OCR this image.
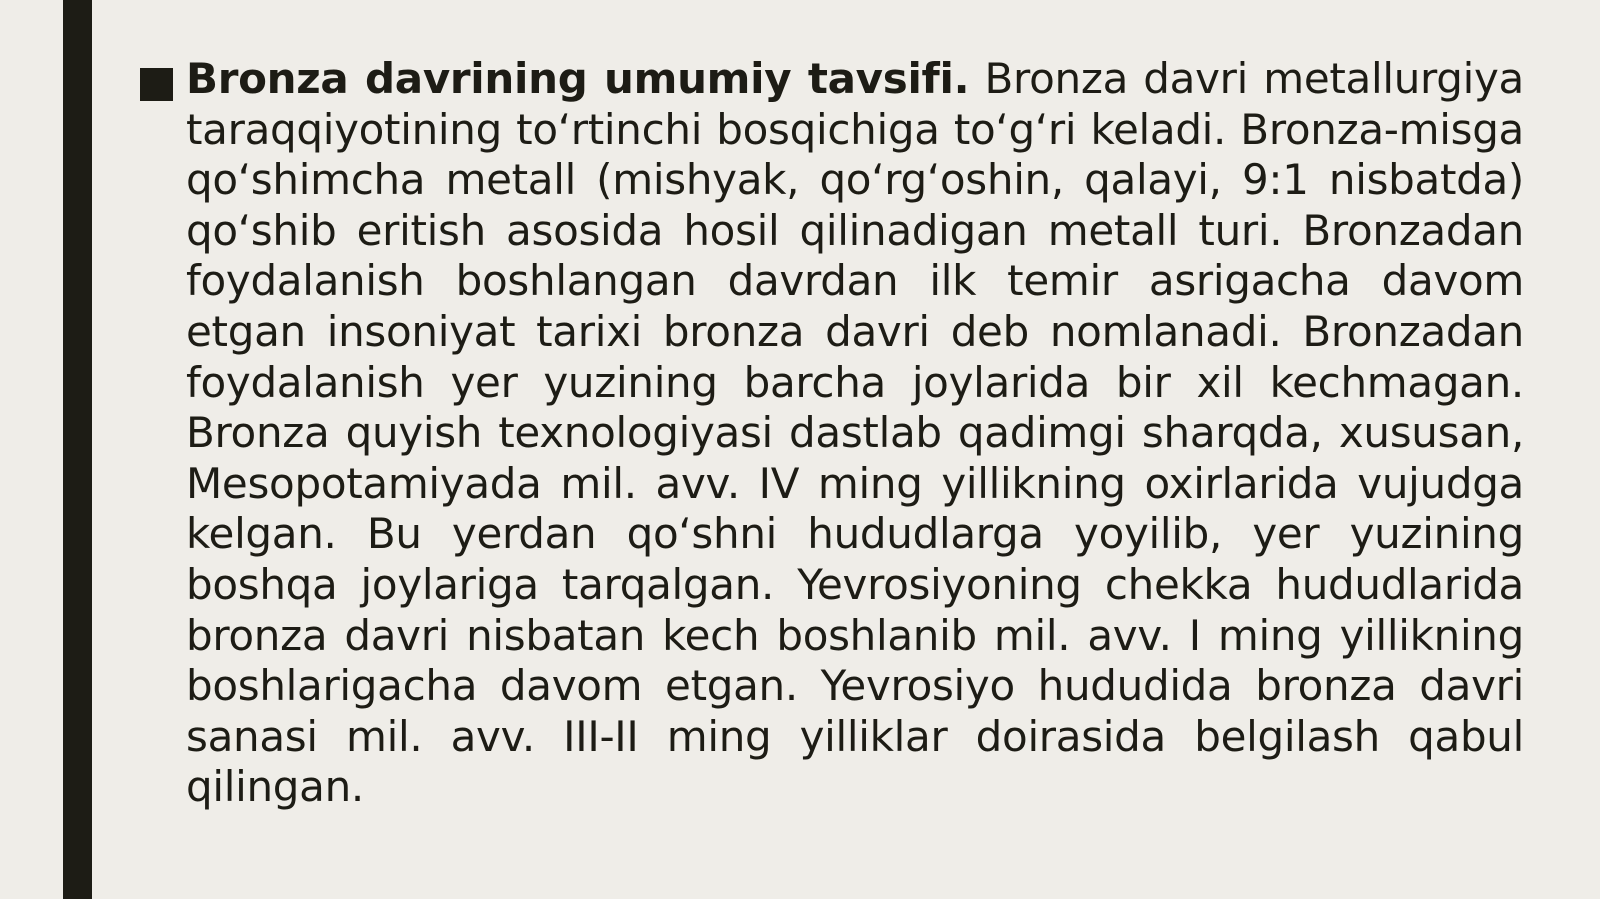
Bronza davrining umumiy tavsifi. Bronza davri metallurgiya taraqqiyotining to‘rtinchi bosqichiga to‘g‘ri keladi. Bronza-misga qo‘shimcha metall (mishyak, qo‘rg‘oshin, qalayi, 9:1 nisbatda) qo‘shib eritish asosida hosil qilinadigan metall turi. Bronzadan foydalanish boshlangan davrdan ilk temir asrigacha davom etgan insoniyat tarixi bronza davri deb nomlanadi. Bronzadan foydalanish yer yuzining barcha joylarida bir xil kechmagan. Bronza quyish texnologiyasi dastlab qadimgi sharqda, xususan, Mesopotamiyada mil. avv. IV ming yillikning oxirlarida vujudga kelgan. Bu yerdan qo‘shni hududlarga yoyilib, yer yuzining boshqa joylariga tarqalgan. Yevrosiyoning chekka hududlarida bronza davri nisbatan kech boshlanib mil. avv. I ming yillikning boshlarigacha davom etgan. Yevrosiyo hududida bronza davri sanasi mil. avv. III-II ming yilliklar doirasida belgilash qabul qilingan.
